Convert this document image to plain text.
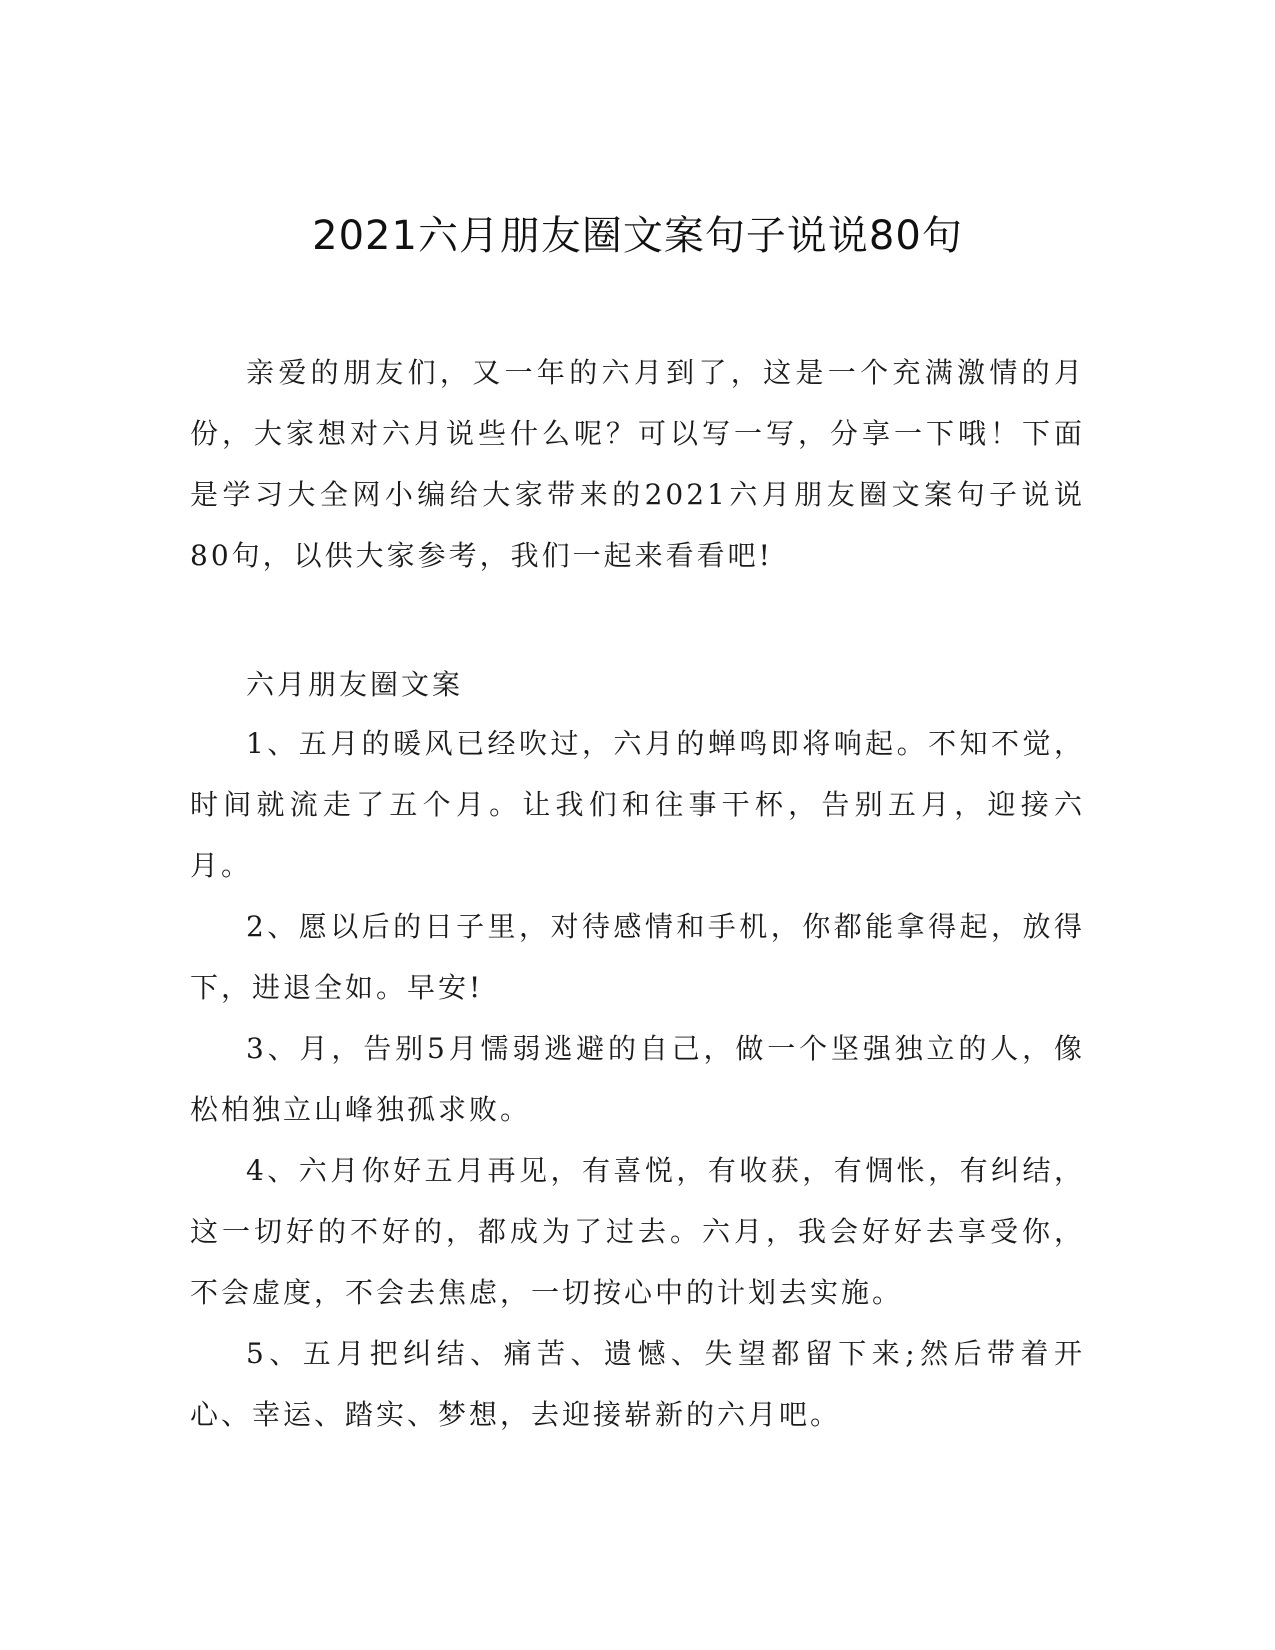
2021六月朋友圈文案句子说说80句

亲爱的朋友们，又一年的六月到了，这是一个充满激情的月份，大家想对六月说些什么呢？可以写一写，分享一下哦！下面是学习大全网小编给大家带来的2021六月朋友圈文案句子说说80句，以供大家参考，我们一起来看看吧!

六月朋友圈文案

1、五月的暖风已经吹过，六月的蝉鸣即将响起。不知不觉，时间就流走了五个月。让我们和往事干杯，告别五月，迎接六月。

2、愿以后的日子里，对待感情和手机，你都能拿得起，放得下，进退全如。早安!

3、月，告别5月懦弱逃避的自己，做一个坚强独立的人，像松柏独立山峰独孤求败。

4、六月你好五月再见，有喜悦，有收获，有惆怅，有纠结，这一切好的不好的，都成为了过去。六月，我会好好去享受你，不会虚度，不会去焦虑，一切按心中的计划去实施。

5、五月把纠结、痛苦、遗憾、失望都留下来;然后带着开心、幸运、踏实、梦想，去迎接崭新的六月吧。
